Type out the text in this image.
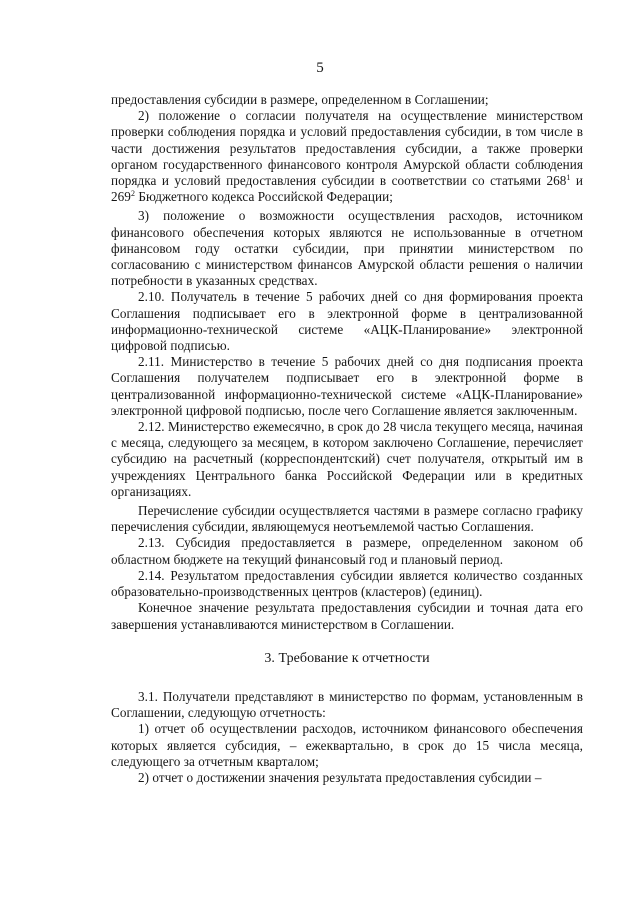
5

предоставления субсидии в размере, определенном в Соглашении;

2) положение о согласии получателя на осуществление министерством проверки соблюдения порядка и условий предоставления субсидии, в том числе в части достижения результатов предоставления субсидии, а также проверки органом государственного финансового контроля Амурской области соблюдения порядка и условий предоставления субсидии в соответствии со статьями $268^1$ и $269^2$ Бюджетного кодекса Российской Федерации;

3) положение о возможности осуществления расходов, источником финансового обеспечения которых являются не использованные в отчетном финансовом году остатки субсидии, при принятии министерством по согласованию с министерством финансов Амурской области решения о наличии потребности в указанных средствах.

2.10. Получатель в течение 5 рабочих дней со дня формирования проекта Соглашения подписывает его в электронной форме в централизованной информационно-технической системе «АЦК-Планирование» электронной цифровой подписью.

2.11. Министерство в течение 5 рабочих дней со дня подписания проекта Соглашения получателем подписывает его в электронной форме в централизованной информационно-технической системе «АЦК-Планирование» электронной цифровой подписью, после чего Соглашение является заключенным.

2.12. Министерство ежемесячно, в срок до 28 числа текущего месяца, начиная с месяца, следующего за месяцем, в котором заключено Соглашение, перечисляет субсидию на расчетный (корреспондентский) счет получателя, открытый им в учреждениях Центрального банка Российской Федерации или в кредитных организациях.

Перечисление субсидии осуществляется частями в размере согласно графику перечисления субсидии, являющемуся неотъемлемой частью Соглашения.

2.13. Субсидия предоставляется в размере, определенном законом об областном бюджете на текущий финансовый год и плановый период.

2.14. Результатом предоставления субсидии является количество созданных образовательно-производственных центров (кластеров) (единиц).

Конечное значение результата предоставления субсидии и точная дата его завершения устанавливаются министерством в Соглашении.

3. Требование к отчетности

3.1. Получатели представляют в министерство по формам, установленным в Соглашении, следующую отчетность:

1) отчет об осуществлении расходов, источником финансового обеспечения которых является субсидия, – ежеквартально, в срок до 15 числа месяца, следующего за отчетным кварталом;

2) отчет о достижении значения результата предоставления субсидии –
